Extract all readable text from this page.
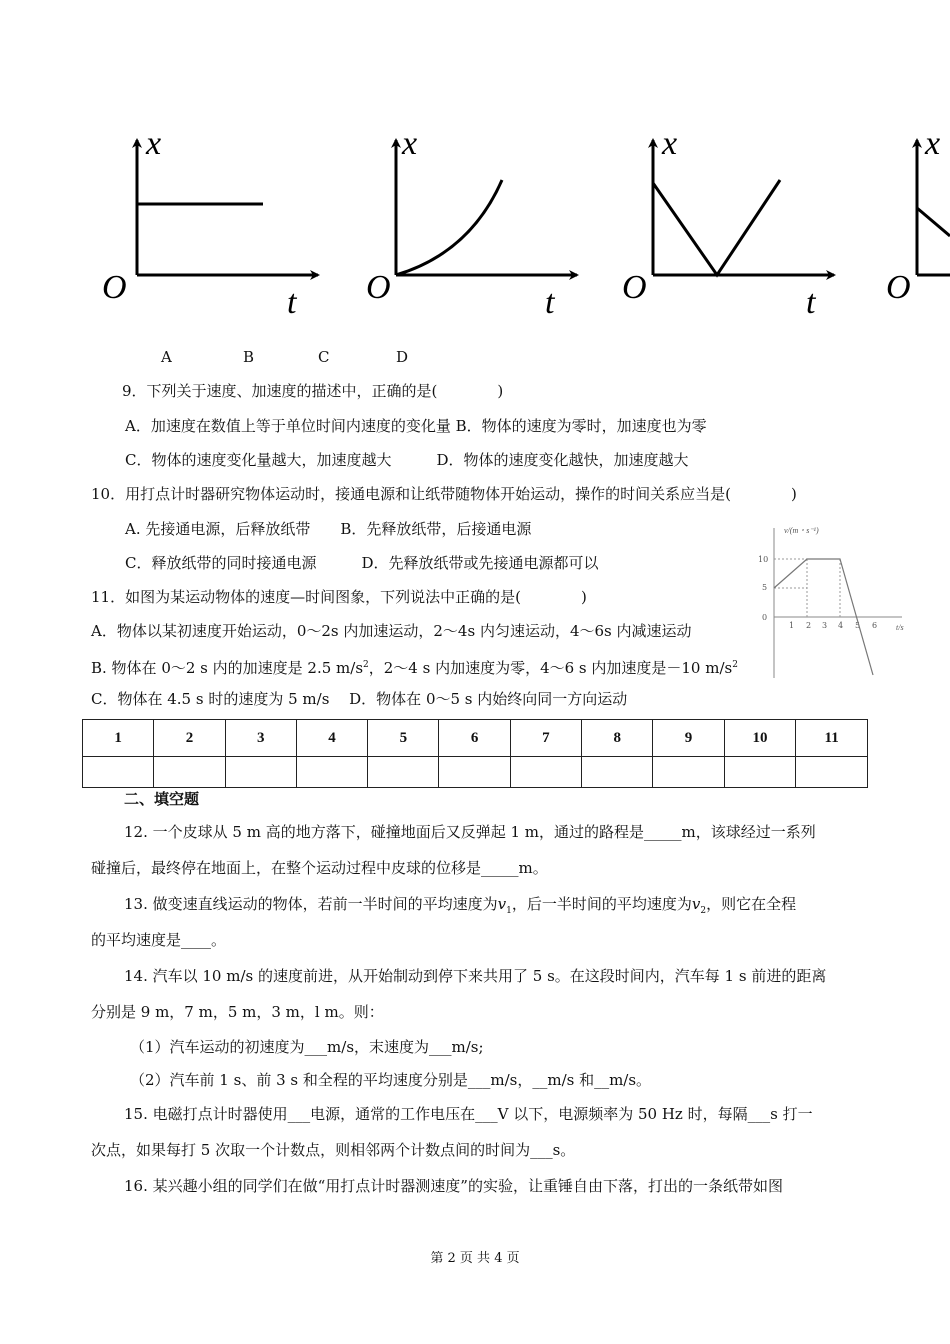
x
O	t
x
O	t
x
O	t
x
O
A	B	C	D
9．下列关于速度、加速度的描述中，正确的是(　　　　)
A．加速度在数值上等于单位时间内速度的变化量 B．物体的速度为零时，加速度也为零
C．物体的速度变化量越大，加速度越大　　　D．物体的速度变化越快，加速度越大
10．用打点计时器研究物体运动时，接通电源和让纸带随物体开始运动，操作的时间关系应当是(　　　　)
A. 先接通电源，后释放纸带　　B．先释放纸带，后接通电源
C．释放纸带的同时接通电源　　　D．先释放纸带或先接通电源都可以
v/(m・s⁻¹)
t/s
10
5
0
1 2 3 4 5 6
11．如图为某运动物体的速度—时间图象，下列说法中正确的是(　　　　)
A．物体以某初速度开始运动，0～2s 内加速运动，2～4s 内匀速运动，4～6s 内减速运动
B. 物体在 0～2 s 内的加速度是 2.5 $m/s^2$，2～4 s 内加速度为零，4～6 s 内加速度是－10 $m/s^2$
C．物体在 4.5 s 时的速度为 5 m/s　 D．物体在 0～5 s 内始终向同一方向运动
1	2	3	4	5	6	7	8	9	10	11

二、填空题
12. 一个皮球从 5 m 高的地方落下，碰撞地面后又反弹起 1 m，通过的路程是_____m，该球经过一系列
碰撞后，最终停在地面上，在整个运动过程中皮球的位移是_____m。
13. 做变速直线运动的物体，若前一半时间的平均速度为$v_1$，后一半时间的平均速度为$v_2$，则它在全程
的平均速度是____。
14. 汽车以 10 m/s 的速度前进，从开始制动到停下来共用了 5 s。在这段时间内，汽车每 1 s 前进的距离
分别是 9 m，7 m，5 m，3 m，l m。则：
（1）汽车运动的初速度为___m/s，末速度为___m/s;
（2）汽车前 1 s、前 3 s 和全程的平均速度分别是___m/s，__m/s 和__m/s。
15. 电磁打点计时器使用___电源，通常的工作电压在___V 以下，电源频率为 50 Hz 时，每隔___s 打一
次点，如果每打 5 次取一个计数点，则相邻两个计数点间的时间为___s。
16. 某兴趣小组的同学们在做“用打点计时器测速度”的实验，让重锤自由下落，打出的一条纸带如图
第 2 页 共 4 页
